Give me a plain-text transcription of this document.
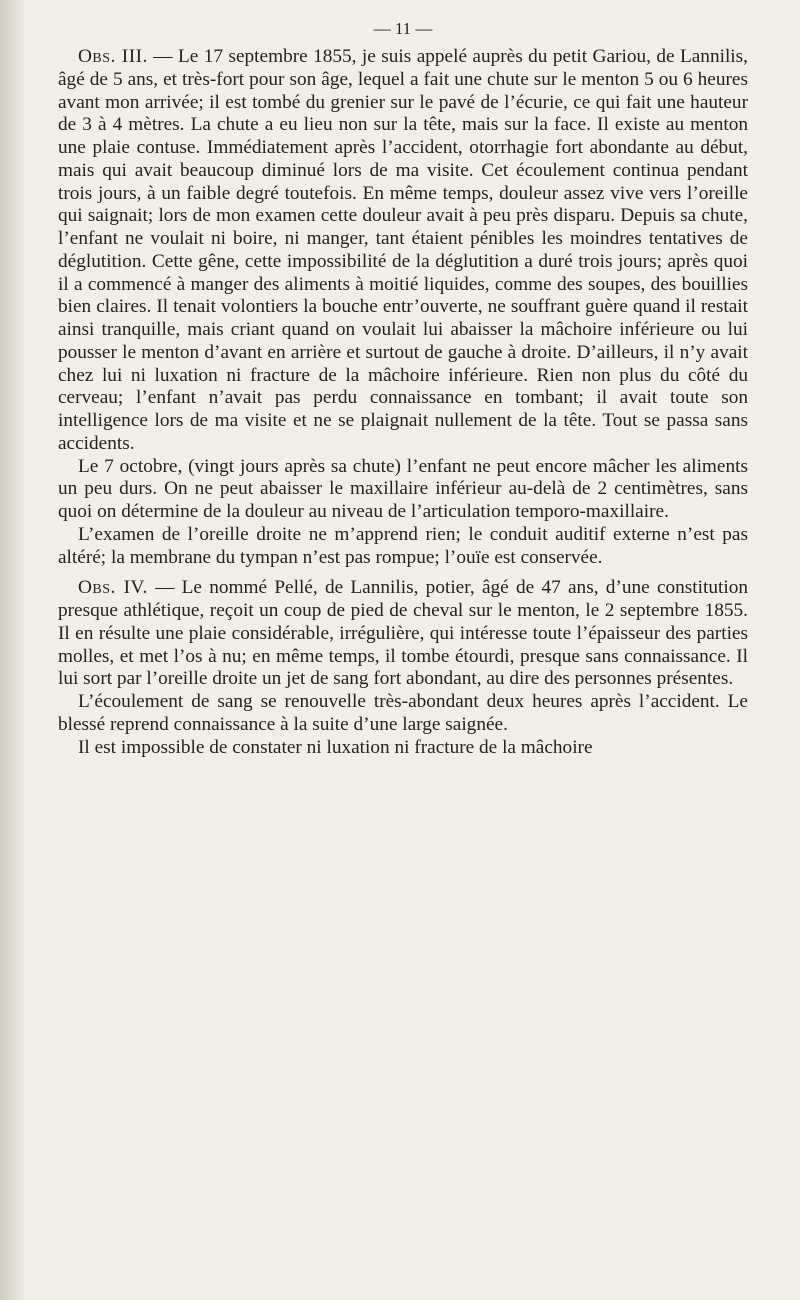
— 11 —

Obs. III. — Le 17 septembre 1855, je suis appelé auprès du petit Gariou, de Lannilis, âgé de 5 ans, et très-fort pour son âge, lequel a fait une chute sur le menton 5 ou 6 heures avant mon arrivée; il est tombé du grenier sur le pavé de l’écurie, ce qui fait une hauteur de 3 à 4 mètres. La chute a eu lieu non sur la tête, mais sur la face. Il existe au menton une plaie contuse. Immédiatement après l’accident, otorrhagie fort abondante au début, mais qui avait beaucoup diminué lors de ma visite. Cet écoulement continua pendant trois jours, à un faible degré toutefois. En même temps, douleur assez vive vers l’oreille qui saignait; lors de mon examen cette douleur avait à peu près disparu. Depuis sa chute, l’enfant ne voulait ni boire, ni manger, tant étaient pénibles les moindres tentatives de déglutition. Cette gêne, cette impossibilité de la déglutition a duré trois jours; après quoi il a commencé à manger des aliments à moitié liquides, comme des soupes, des bouillies bien claires. Il tenait volontiers la bouche entr’ouverte, ne souffrant guère quand il restait ainsi tranquille, mais criant quand on voulait lui abaisser la mâchoire inférieure ou lui pousser le menton d’avant en arrière et surtout de gauche à droite. D’ailleurs, il n’y avait chez lui ni luxation ni fracture de la mâchoire inférieure. Rien non plus du côté du cerveau; l’enfant n’avait pas perdu connaissance en tombant; il avait toute son intelligence lors de ma visite et ne se plaignait nullement de la tête. Tout se passa sans accidents.

Le 7 octobre, (vingt jours après sa chute) l’enfant ne peut encore mâcher les aliments un peu durs. On ne peut abaisser le maxillaire inférieur au-delà de 2 centimètres, sans quoi on détermine de la douleur au niveau de l’articulation temporo-maxillaire.

L’examen de l’oreille droite ne m’apprend rien; le conduit auditif externe n’est pas altéré; la membrane du tympan n’est pas rompue; l’ouïe est conservée.

Obs. IV. — Le nommé Pellé, de Lannilis, potier, âgé de 47 ans, d’une constitution presque athlétique, reçoit un coup de pied de cheval sur le menton, le 2 septembre 1855. Il en résulte une plaie considérable, irrégulière, qui intéresse toute l’épaisseur des parties molles, et met l’os à nu; en même temps, il tombe étourdi, presque sans connaissance. Il lui sort par l’oreille droite un jet de sang fort abondant, au dire des personnes présentes.

L’écoulement de sang se renouvelle très-abondant deux heures après l’accident. Le blessé reprend connaissance à la suite d’une large saignée.

Il est impossible de constater ni luxation ni fracture de la mâchoire
